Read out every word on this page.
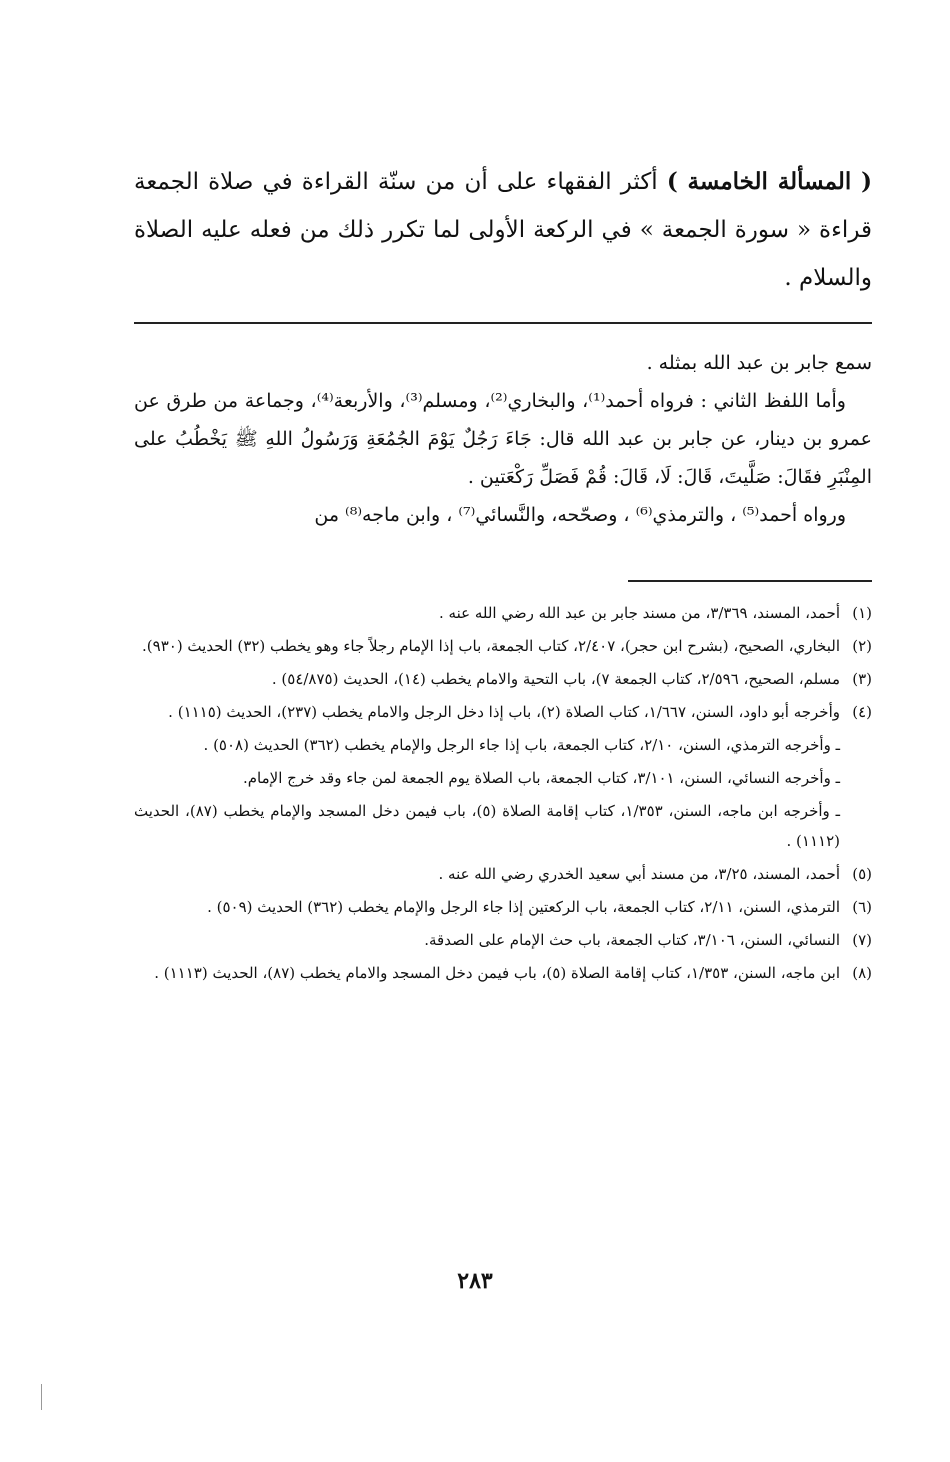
( المسألة الخامسة ) أكثر الفقهاء على أن من سنّة القراءة في صلاة الجمعة قراءة « سورة الجمعة » في الركعة الأولى لما تكرر ذلك من فعله عليه الصلاة والسلام .

سمع جابر بن عبد الله بمثله .

وأما اللفظ الثاني : فرواه أحمد⁽¹⁾، والبخاري⁽²⁾، ومسلم⁽³⁾، والأربعة⁽⁴⁾، وجماعة من طرق عن عمرو بن دينار، عن جابر بن عبد الله قال: جَاءَ رَجُلٌ يَوْمَ الجُمُعَةِ وَرَسُولُ اللهِ ﷺ يَخْطُبُ على المِنْبَرِ فقَالَ: صَلَّيتَ، قَالَ: لَا، قَالَ: قُمْ فَصَلِّ رَكْعَتين .

ورواه أحمد⁽⁵⁾ ، والترمذي⁽⁶⁾ ، وصحّحه، والنَّسائي⁽⁷⁾ ، وابن ماجه⁽⁸⁾ من

(١)
أحمد، المسند، ٣/٣٦٩، من مسند جابر بن عبد الله رضي الله عنه .
(٢)
البخاري، الصحيح، (بشرح ابن حجر)، ٢/٤٠٧، كتاب الجمعة، باب إذا الإمام رجلاً جاء وهو يخطب (٣٢) الحديث (٩٣٠).
(٣)
مسلم، الصحيح، ٢/٥٩٦، كتاب الجمعة ٧)، باب التحية والامام يخطب (١٤)، الحديث (٥٤/٨٧٥) .
(٤)
وأخرجه أبو داود، السنن، ١/٦٦٧، كتاب الصلاة (٢)، باب إذا دخل الرجل والامام يخطب (٢٣٧)، الحديث (١١١٥) .
ـ وأخرجه الترمذي، السنن، ٢/١٠، كتاب الجمعة، باب إذا جاء الرجل والإمام يخطب (٣٦٢) الحديث (٥٠٨) .
ـ وأخرجه النسائي، السنن، ٣/١٠١، كتاب الجمعة، باب الصلاة يوم الجمعة لمن جاء وقد خرج الإمام.
ـ وأخرجه ابن ماجه، السنن، ١/٣٥٣، كتاب إقامة الصلاة (٥)، باب فيمن دخل المسجد والإمام يخطب (٨٧)، الحديث (١١١٢) .
(٥)
أحمد، المسند، ٣/٢٥، من مسند أبي سعيد الخدري رضي الله عنه .
(٦)
الترمذي، السنن، ٢/١١، كتاب الجمعة، باب الركعتين إذا جاء الرجل والإمام يخطب (٣٦٢) الحديث (٥٠٩) .
(٧)
النسائي، السنن، ٣/١٠٦، كتاب الجمعة، باب حث الإمام على الصدقة.
(٨)
ابن ماجه، السنن، ١/٣٥٣، كتاب إقامة الصلاة (٥)، باب فيمن دخل المسجد والامام يخطب (٨٧)، الحديث (١١١٣) .
٢٨٣
